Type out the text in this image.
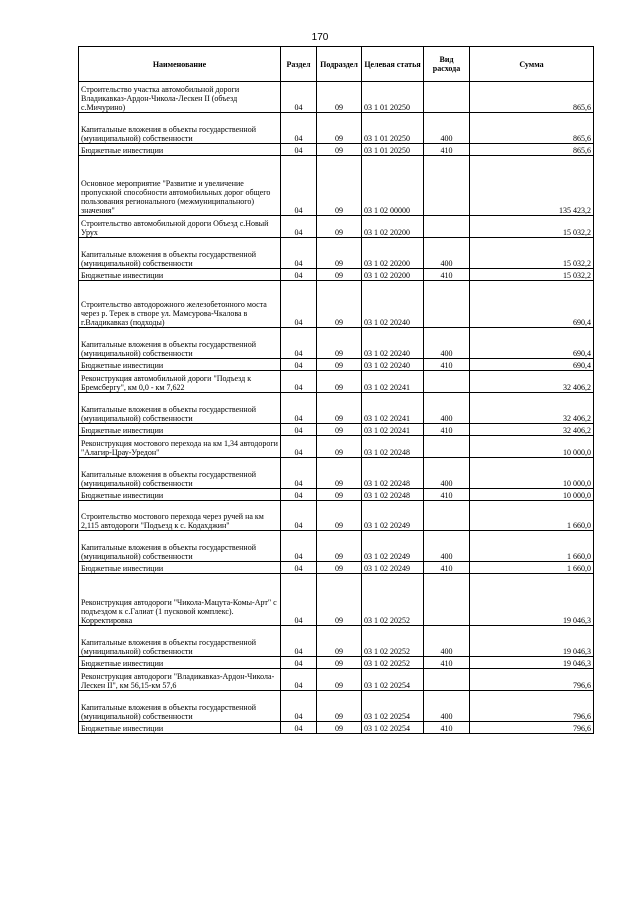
170
Наименование	Раздел	Подраздел	Целевая статья	Вид расхода	Сумма
Строительство участка автомобильной дороги Владикавказ-Ардон-Чикола-Лескен II (объезд с.Мичурино)	04	09	03 1 01 20250		865,6
Капитальные вложения в объекты государственной (муниципальной) собственности	04	09	03 1 01 20250	400	865,6
Бюджетные инвестиции	04	09	03 1 01 20250	410	865,6
Основное мероприятие "Развитие и увеличение пропускной способности автомобильных дорог общего пользования регионального (межмуниципального) значения"	04	09	03 1 02 00000		135 423,2
Строительство автомобильной дороги Объезд с.Новый Урух	04	09	03 1 02 20200		15 032,2
Капитальные вложения в объекты государственной (муниципальной) собственности	04	09	03 1 02 20200	400	15 032,2
Бюджетные инвестиции	04	09	03 1 02 20200	410	15 032,2
Строительство автодорожного железобетонного моста через р. Терек в створе ул. Мамсурова-Чкалова в г.Владикавказ (подходы)	04	09	03 1 02 20240		690,4
Капитальные вложения в объекты государственной (муниципальной) собственности	04	09	03 1 02 20240	400	690,4
Бюджетные инвестиции	04	09	03 1 02 20240	410	690,4
Реконструкция автомобильной дороги "Подъезд к Бремсбергу", км 0,0 - км 7,622	04	09	03 1 02 20241		32 406,2
Капитальные вложения в объекты государственной (муниципальной) собственности	04	09	03 1 02 20241	400	32 406,2
Бюджетные инвестиции	04	09	03 1 02 20241	410	32 406,2
Реконструкция мостового перехода на км 1,34 автодороги "Алагир-Црау-Уредон"	04	09	03 1 02 20248		10 000,0
Капитальные вложения в объекты государственной (муниципальной) собственности	04	09	03 1 02 20248	400	10 000,0
Бюджетные инвестиции	04	09	03 1 02 20248	410	10 000,0
Строительство мостового перехода через ручей на км 2,115 автодороги "Подъезд к с. Кодахджин"	04	09	03 1 02 20249		1 660,0
Капитальные вложения в объекты государственной (муниципальной) собственности	04	09	03 1 02 20249	400	1 660,0
Бюджетные инвестиции	04	09	03 1 02 20249	410	1 660,0
Реконструкция автодороги "Чикола-Мацута-Комы-Арт" с подъездом к с.Галиат (1 пусковой комплекс). Корректировка	04	09	03 1 02 20252		19 046,3
Капитальные вложения в объекты государственной (муниципальной) собственности	04	09	03 1 02 20252	400	19 046,3
Бюджетные инвестиции	04	09	03 1 02 20252	410	19 046,3
Реконструкция автодороги "Владикавказ-Ардон-Чикола-Лескен II", км 56,15-км 57,6	04	09	03 1 02 20254		796,6
Капитальные вложения в объекты государственной (муниципальной) собственности	04	09	03 1 02 20254	400	796,6
Бюджетные инвестиции	04	09	03 1 02 20254	410	796,6
